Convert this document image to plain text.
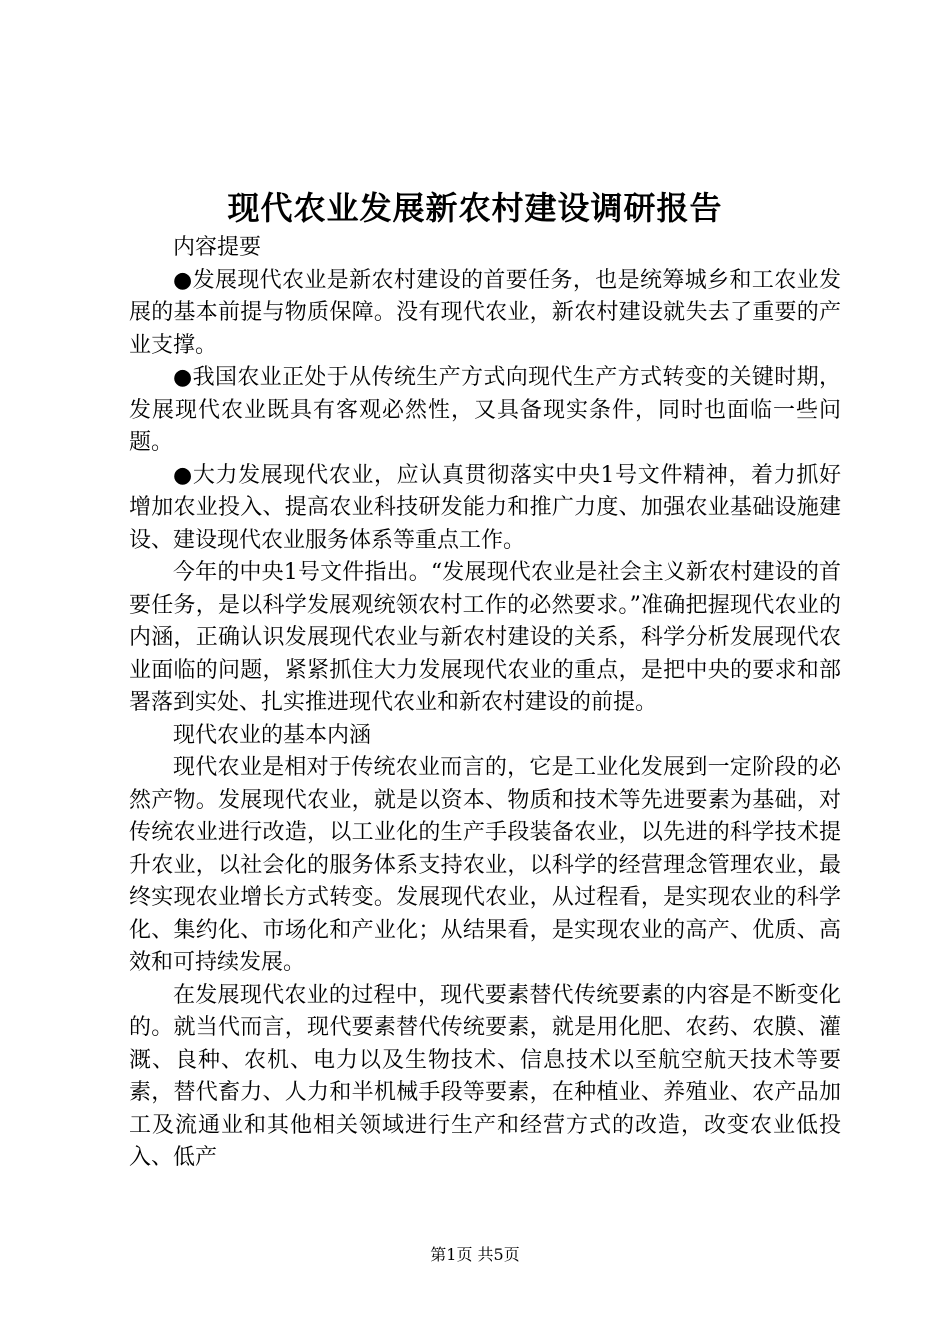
现代农业发展新农村建设调研报告

内容提要

●发展现代农业是新农村建设的首要任务，也是统筹城乡和工农业发展的基本前提与物质保障。没有现代农业，新农村建设就失去了重要的产业支撑。

●我国农业正处于从传统生产方式向现代生产方式转变的关键时期，发展现代农业既具有客观必然性，又具备现实条件，同时也面临一些问题。

●大力发展现代农业，应认真贯彻落实中央1号文件精神，着力抓好增加农业投入、提高农业科技研发能力和推广力度、加强农业基础设施建设、建设现代农业服务体系等重点工作。

今年的中央1号文件指出。“发展现代农业是社会主义新农村建设的首要任务，是以科学发展观统领农村工作的必然要求。”准确把握现代农业的内涵，正确认识发展现代农业与新农村建设的关系，科学分析发展现代农业面临的问题，紧紧抓住大力发展现代农业的重点，是把中央的要求和部署落到实处、扎实推进现代农业和新农村建设的前提。

现代农业的基本内涵

现代农业是相对于传统农业而言的，它是工业化发展到一定阶段的必然产物。发展现代农业，就是以资本、物质和技术等先进要素为基础，对传统农业进行改造，以工业化的生产手段装备农业，以先进的科学技术提升农业，以社会化的服务体系支持农业，以科学的经营理念管理农业，最终实现农业增长方式转变。发展现代农业，从过程看，是实现农业的科学化、集约化、市场化和产业化；从结果看，是实现农业的高产、优质、高效和可持续发展。

在发展现代农业的过程中，现代要素替代传统要素的内容是不断变化的。就当代而言，现代要素替代传统要素，就是用化肥、农药、农膜、灌溉、良种、农机、电力以及生物技术、信息技术以至航空航天技术等要素，替代畜力、人力和半机械手段等要素，在种植业、养殖业、农产品加工及流通业和其他相关领域进行生产和经营方式的改造，改变农业低投入、低产

第1页 共5页
